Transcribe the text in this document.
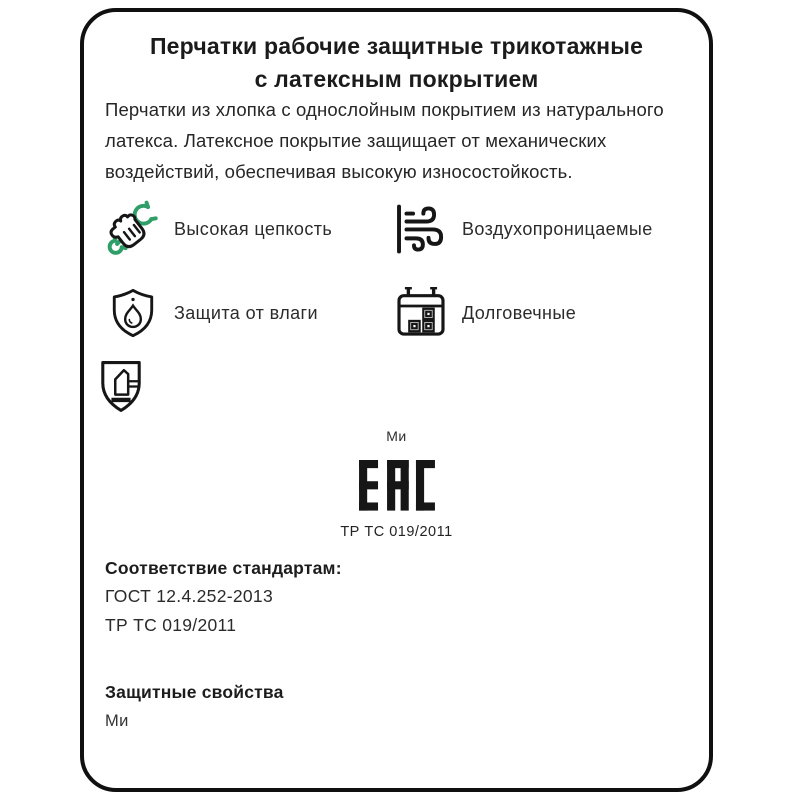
Перчатки рабочие защитные трикотажные
с латексным покрытием

Перчатки из хлопка с однослойным покрытием из натурального латекса. Латексное покрытие защищает от механических воздействий, обеспечивая высокую износостойкость.

Высокая цепкость	Воздухопроницаемые
Защита от влаги	Долговечные
Ми
ТР ТС 019/2011
Соответствие стандартам:
ГОСТ 12.4.252-2013
ТР ТС 019/2011
Защитные свойства
Ми
